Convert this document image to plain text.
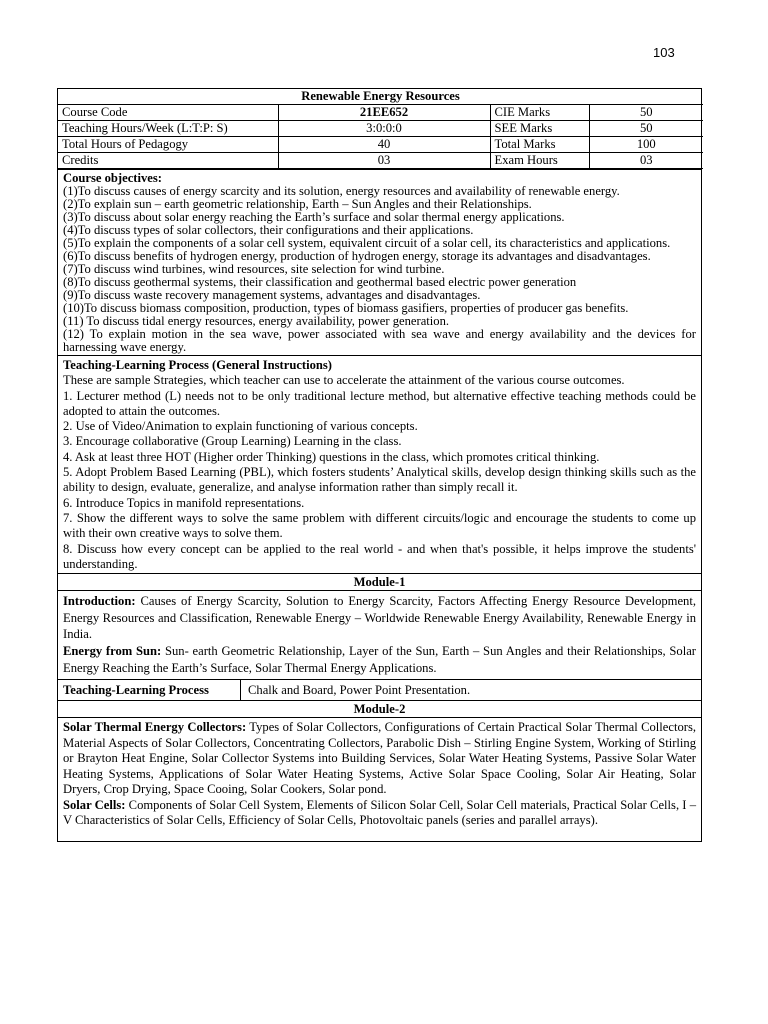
103
Renewable Energy Resources			
Course Code	21EE652	CIE Marks	50
Teaching Hours/Week (L:T:P: S)	3:0:0:0	SEE Marks	50
Total Hours of Pedagogy	40	Total Marks	100
Credits	03	Exam Hours	03

Course objectives:

(1)To discuss causes of energy scarcity and its solution, energy resources and availability of renewable energy.

(2)To explain sun – earth geometric relationship, Earth – Sun Angles and their Relationships.

(3)To discuss about solar energy reaching the Earth’s surface and solar thermal energy applications.

(4)To discuss types of solar collectors, their configurations and their applications.

(5)To explain the components of a solar cell system, equivalent circuit of a solar cell, its characteristics and applications.

(6)To discuss benefits of hydrogen energy, production of hydrogen energy, storage its advantages and disadvantages.

(7)To discuss wind turbines, wind resources, site selection for wind turbine.

(8)To discuss geothermal systems, their classification and geothermal based electric power generation

(9)To discuss waste recovery management systems, advantages and disadvantages.

(10)To discuss biomass composition, production, types of biomass gasifiers, properties of producer gas benefits.

(11) To discuss tidal energy resources, energy availability, power generation.

(12) To explain motion in the sea wave, power associated with sea wave and energy availability and the devices for harnessing wave energy.

Teaching-Learning Process (General Instructions)

These are sample Strategies, which teacher can use to accelerate the attainment of the various course outcomes.

1. Lecturer method (L) needs not to be only traditional lecture method, but alternative effective teaching methods could be adopted to attain the outcomes.

2. Use of Video/Animation to explain functioning of various concepts.

3. Encourage collaborative (Group Learning) Learning in the class.

4. Ask at least three HOT (Higher order Thinking) questions in the class, which promotes critical thinking.

5. Adopt Problem Based Learning (PBL), which fosters students’ Analytical skills, develop design thinking skills such as the ability to design, evaluate, generalize, and analyse information rather than simply recall it.

6. Introduce Topics in manifold representations.

7. Show the different ways to solve the same problem with different circuits/logic and encourage the students to come up with their own creative ways to solve them.

8. Discuss how every concept can be applied to the real world - and when that's possible, it helps improve the students' understanding.

Module-1

Introduction: Causes of Energy Scarcity, Solution to Energy Scarcity, Factors Affecting Energy Resource Development, Energy Resources and Classification, Renewable Energy – Worldwide Renewable Energy Availability, Renewable Energy in India.

Energy from Sun: Sun- earth Geometric Relationship, Layer of the Sun, Earth – Sun Angles and their Relationships, Solar Energy Reaching the Earth’s Surface, Solar Thermal Energy Applications.

Teaching-Learning Process	Chalk and Board, Power Point Presentation.
Module-2

Solar Thermal Energy Collectors: Types of Solar Collectors, Configurations of Certain Practical Solar Thermal Collectors, Material Aspects of Solar Collectors, Concentrating Collectors, Parabolic Dish – Stirling Engine System, Working of Stirling or Brayton Heat Engine, Solar Collector Systems into Building Services, Solar Water Heating Systems, Passive Solar Water Heating Systems, Applications of Solar Water Heating Systems, Active Solar Space Cooling, Solar Air Heating, Solar Dryers, Crop Drying, Space Cooing, Solar Cookers, Solar pond.

Solar Cells: Components of Solar Cell System, Elements of Silicon Solar Cell, Solar Cell materials, Practical Solar Cells, I – V Characteristics of Solar Cells, Efficiency of Solar Cells, Photovoltaic panels (series and parallel arrays).
